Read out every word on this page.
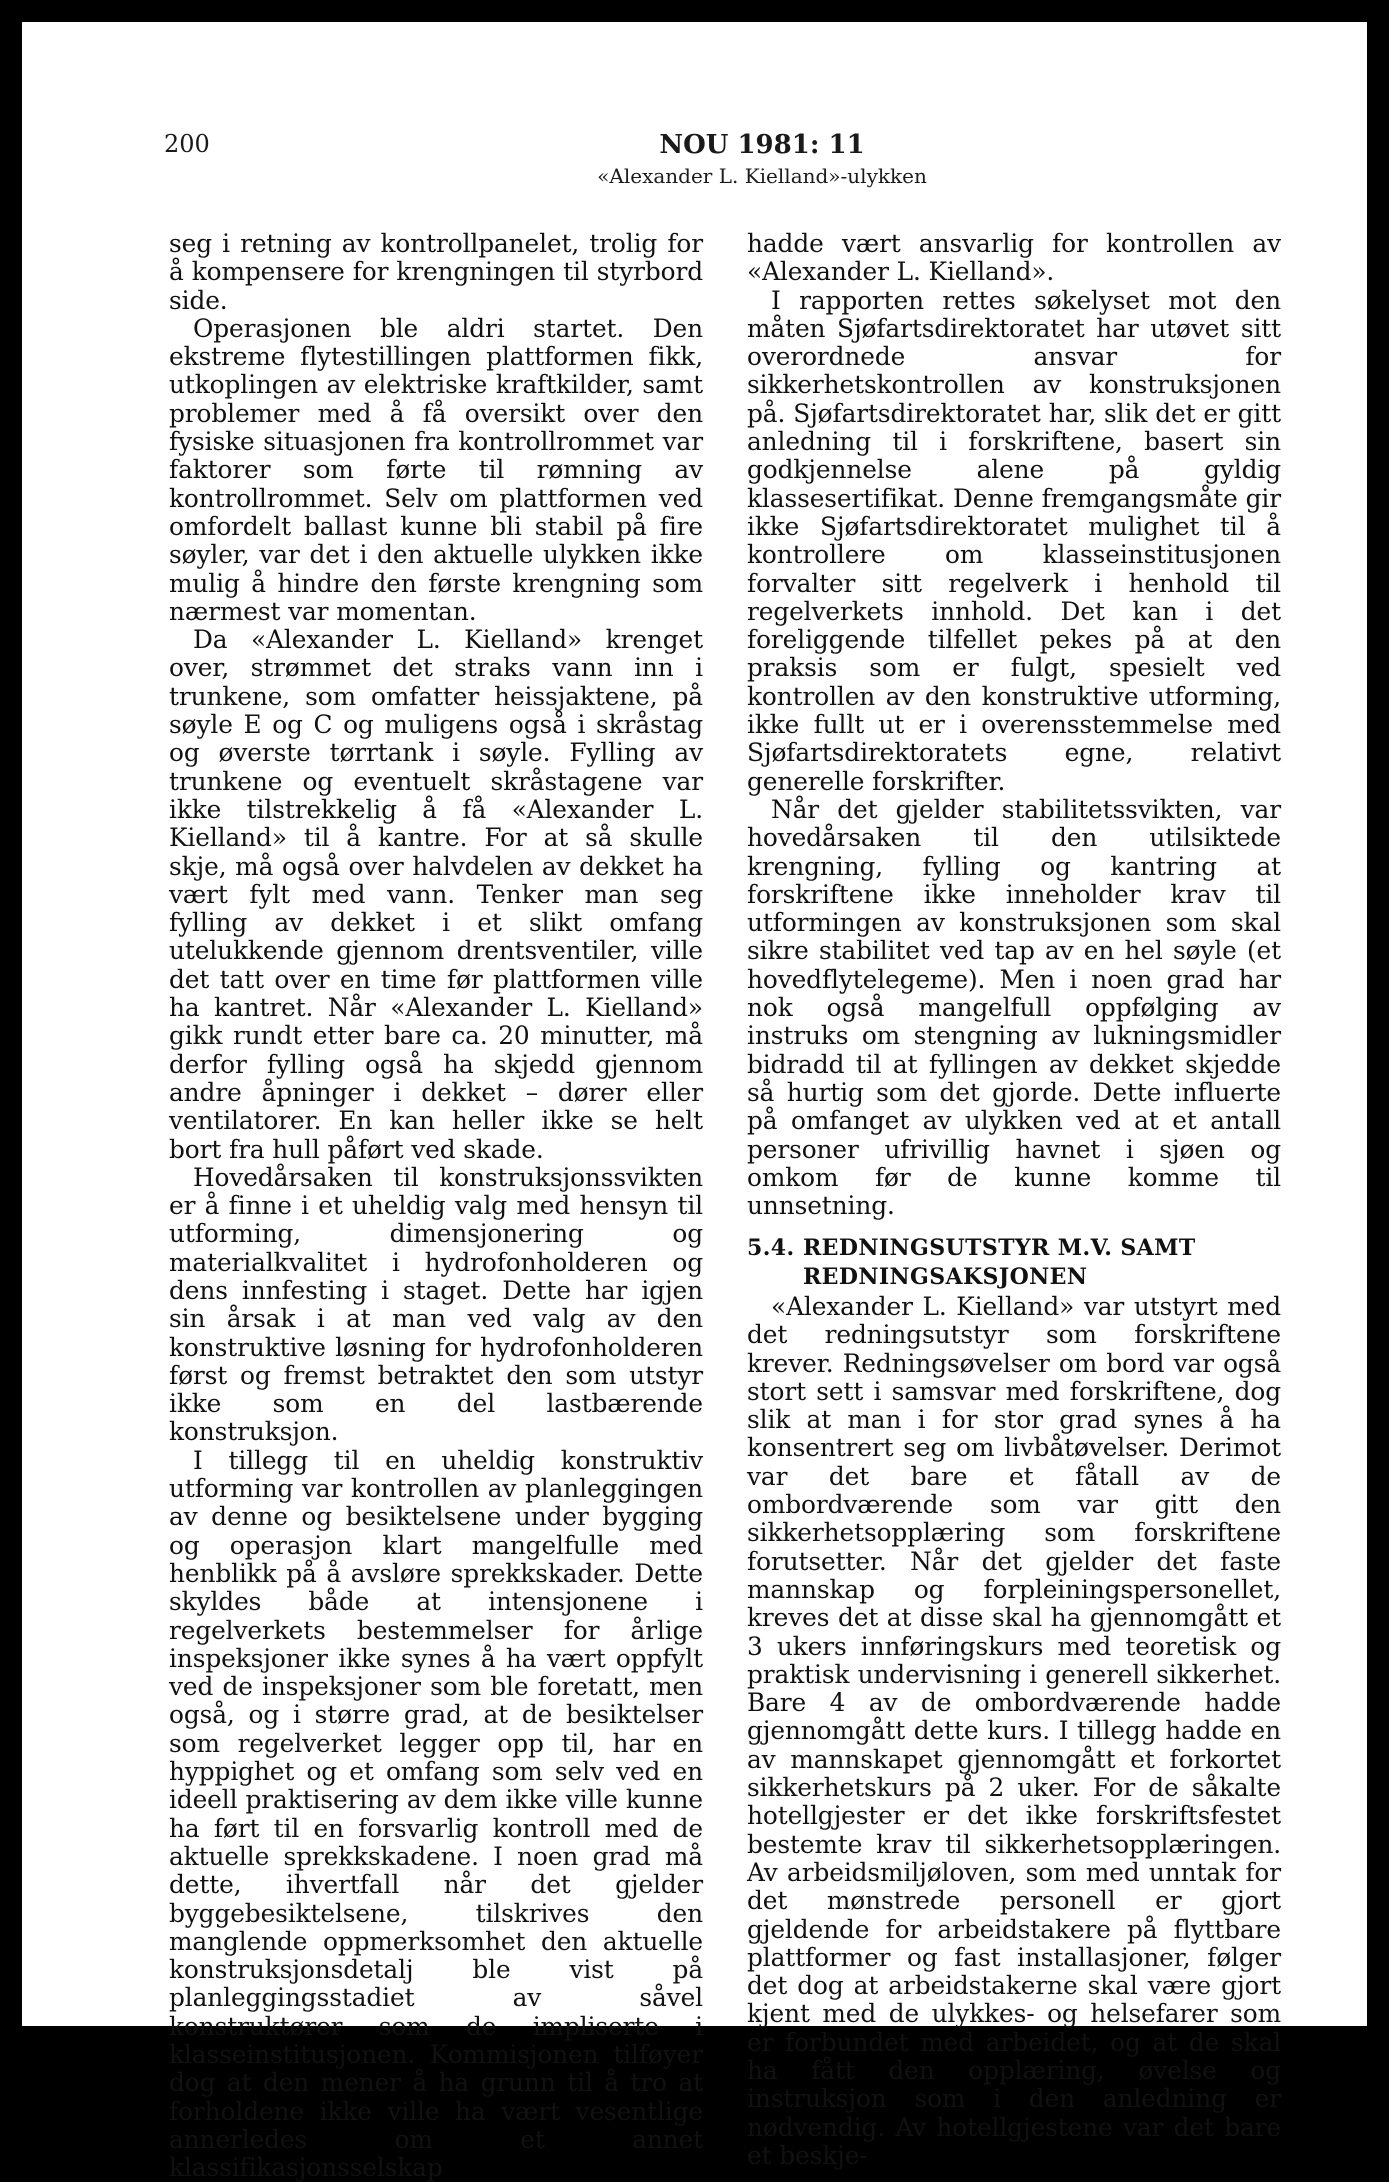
200	NOU 1981: 11
«Alexander L. Kielland»-ulykken

seg i retning av kontrollpanelet, trolig for å kompensere for krengningen til styrbord side.

Operasjonen ble aldri startet. Den ekstreme flytestillingen plattformen fikk, utkoplingen av elektriske kraftkilder, samt problemer med å få oversikt over den fysiske situasjonen fra kontrollrommet var faktorer som førte til rømning av kontrollrommet. Selv om plattformen ved omfordelt ballast kunne bli stabil på fire søyler, var det i den aktuelle ulykken ikke mulig å hindre den første krengning som nærmest var momentan.

Da «Alexander L. Kielland» krenget over, strømmet det straks vann inn i trunkene, som omfatter heissjaktene, på søyle E og C og muligens også i skråstag og øverste tørrtank i søyle. Fylling av trunkene og eventuelt skråstagene var ikke tilstrekkelig å få «Alexander L. Kielland» til å kantre. For at så skulle skje, må også over halvdelen av dekket ha vært fylt med vann. Tenker man seg fylling av dekket i et slikt omfang utelukkende gjennom drentsventiler, ville det tatt over en time før plattformen ville ha kantret. Når «Alexander L. Kielland» gikk rundt etter bare ca. 20 minutter, må derfor fylling også ha skjedd gjennom andre åpninger i dekket – dører eller ventilatorer. En kan heller ikke se helt bort fra hull påført ved skade.

Hovedårsaken til konstruksjonssvikten er å finne i et uheldig valg med hensyn til utforming, dimensjonering og materialkvalitet i hydrofonholderen og dens innfesting i staget. Dette har igjen sin årsak i at man ved valg av den konstruktive løsning for hydrofonholderen først og fremst betraktet den som utstyr ikke som en del lastbærende konstruksjon.

I tillegg til en uheldig konstruktiv utforming var kontrollen av planleggingen av denne og besiktelsene under bygging og operasjon klart mangelfulle med henblikk på å avsløre sprekkskader. Dette skyldes både at intensjonene i regelverkets bestemmelser for årlige inspeksjoner ikke synes å ha vært oppfylt ved de inspeksjoner som ble foretatt, men også, og i større grad, at de besiktelser som regelverket legger opp til, har en hyppighet og et omfang som selv ved en ideell praktisering av dem ikke ville kunne ha ført til en forsvarlig kontroll med de aktuelle sprekkskadene. I noen grad må dette, ihvertfall når det gjelder byggebesiktelsene, tilskrives den manglende oppmerksomhet den aktuelle konstruksjonsdetalj ble vist på planleggingsstadiet av såvel konstruktører som de impliserte i klasseinstitusjonen. Kommisjonen tilføyer dog at den mener å ha grunn til å tro at forholdene ikke ville ha vært vesentlige annerledes om et annet klassifikasjonsselskap

hadde vært ansvarlig for kontrollen av «Alexander L. Kielland».

I rapporten rettes søkelyset mot den måten Sjøfartsdirektoratet har utøvet sitt overordnede ansvar for sikkerhetskontrollen av konstruksjonen på. Sjøfartsdirektoratet har, slik det er gitt anledning til i forskriftene, basert sin godkjennelse alene på gyldig klassesertifikat. Denne fremgangsmåte gir ikke Sjøfartsdirektoratet mulighet til å kontrollere om klasseinstitusjonen forvalter sitt regelverk i henhold til regelverkets innhold. Det kan i det foreliggende tilfellet pekes på at den praksis som er fulgt, spesielt ved kontrollen av den konstruktive utforming, ikke fullt ut er i overensstemmelse med Sjøfartsdirektoratets egne, relativt generelle forskrifter.

Når det gjelder stabilitetssvikten, var hovedårsaken til den utilsiktede krengning, fylling og kantring at forskriftene ikke inneholder krav til utformingen av konstruksjonen som skal sikre stabilitet ved tap av en hel søyle (et hovedflytelegeme). Men i noen grad har nok også mangelfull oppfølging av instruks om stengning av lukningsmidler bidradd til at fyllingen av dekket skjedde så hurtig som det gjorde. Dette influerte på omfanget av ulykken ved at et antall personer ufrivillig havnet i sjøen og omkom før de kunne komme til unnsetning.

5.4. REDNINGSUTSTYR M.V. SAMT REDNINGSAKSJONEN

«Alexander L. Kielland» var utstyrt med det redningsutstyr som forskriftene krever. Redningsøvelser om bord var også stort sett i samsvar med forskriftene, dog slik at man i for stor grad synes å ha konsentrert seg om livbåtøvelser. Derimot var det bare et fåtall av de ombordværende som var gitt den sikkerhetsopplæring som forskriftene forutsetter. Når det gjelder det faste mannskap og forpleiningspersonellet, kreves det at disse skal ha gjennomgått et 3 ukers innføringskurs med teoretisk og praktisk undervisning i generell sikkerhet. Bare 4 av de ombordværende hadde gjennomgått dette kurs. I tillegg hadde en av mannskapet gjennomgått et forkortet sikkerhetskurs på 2 uker. For de såkalte hotellgjester er det ikke forskriftsfestet bestemte krav til sikkerhetsopplæringen. Av arbeidsmiljøloven, som med unntak for det mønstrede personell er gjort gjeldende for arbeidstakere på flyttbare plattformer og fast installasjoner, følger det dog at arbeidstakerne skal være gjort kjent med de ulykkes- og helsefarer som er forbundet med arbeidet, og at de skal ha fått den opplæring, øvelse og instruksjon som i den anledning er nødvendig. Av hotellgjestene var det bare et beskje-
